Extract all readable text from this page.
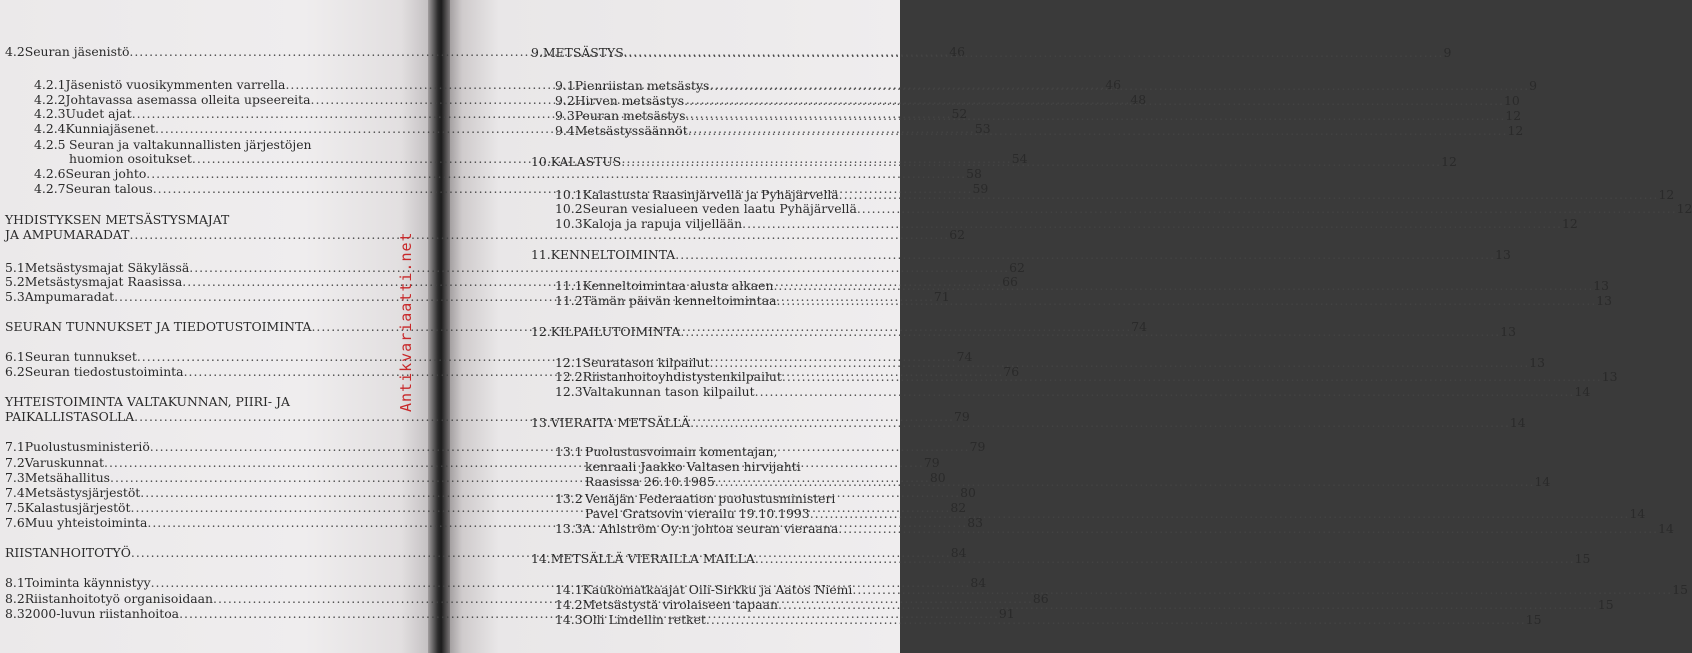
4.2 Seuran jäsenistö .....	46
4.2.1 Jäsenistö vuosikymmenten varrella .....	46
4.2.2 Johtavassa asemassa olleita upseereita .....	48
4.2.3 Uudet ajat .....	52
4.2.4 Kunniajäsenet .....	53
4.2.5 Seuran ja valtakunnallisten järjestöjen
huomion osoitukset .....	54
4.2.6 Seuran johto .....	58
4.2.7 Seuran talous .....	59
YHDISTYKSEN METSÄSTYSMAJAT
JA AMPUMARADAT .....	62
5.1 Metsästysmajat Säkylässä .....	62
5.2 Metsästysmajat Raasissa .....	66
5.3 Ampumaradat .....	71
SEURAN TUNNUKSET JA TIEDOTUSTOIMINTA .....	74
6.1 Seuran tunnukset .....	74
6.2 Seuran tiedostustoiminta .....	76
YHTEISTOIMINTA VALTAKUNNAN, PIIRI- JA
PAIKALLISTASOLLA .....	79
7.1 Puolustusministeriö .....	79
7.2 Varuskunnat .....	79
7.3 Metsähallitus .....	80
7.4 Metsästysjärjestöt .....	80
7.5 Kalastusjärjestöt .....	82
7.6 Muu yhteistoiminta .....	83
RIISTANHOITOTYÖ .....	84
8.1 Toiminta käynnistyy .....	84
8.2 Riistanhoitotyö organisoidaan .....	86
8.3 2000-luvun riistanhoitoa .....	91
9. METSÄSTYS .....	9
9.1 Pienriistan metsästys .....	9
9.2 Hirven metsästys .....	10
9.3 Peuran metsästys .....	12
9.4 Metsästyssäännöt .....	12
10. KALASTUS .....	12
10.1 Kalastusta Raasinjärvellä ja Pyhäjärvellä .....	12
10.2 Seuran vesialueen veden laatu Pyhäjärvellä .....	12
10.3 Kaloja ja rapuja viljellään .....	12
11. KENNELTOIMINTA .....	13
11.1 Kenneltoimintaa alusta alkaen .....	13
11.2 Tämän päivän kenneltoimintaa .....	13
12. KILPAILUTOIMINTA .....	13
12.1 Seuratason kilpailut .....	13
12.2 Riistanhoitoyhdistystenkilpailut .....	13
12.3 Valtakunnan tason kilpailut .....	14
13. VIERAITA METSÄLLÄ .....	14
13.1 Puolustusvoimain komentajan,
kenraali Jaakko Valtasen hirvijahti
Raasissa 26.10.1985 .....	14
13.2 Venäjän Federaation puolustusministeri
Pavel Gratsovin vierailu 19.10.1993 .....	14
13.3 A. Ahlström Oy:n johtoa seuran vieraana .....	14
14. METSÄLLÄ VIERAILLA MAILLA .....	15
14.1 Kaukomatkaajat Oili-Sirkku ja Aatos Niemi .....	15
14.2 Metsästystä virolaiseen tapaan .....	15
14.3 Olli Lindellin retket .....	15
Antikvariaatti.net
